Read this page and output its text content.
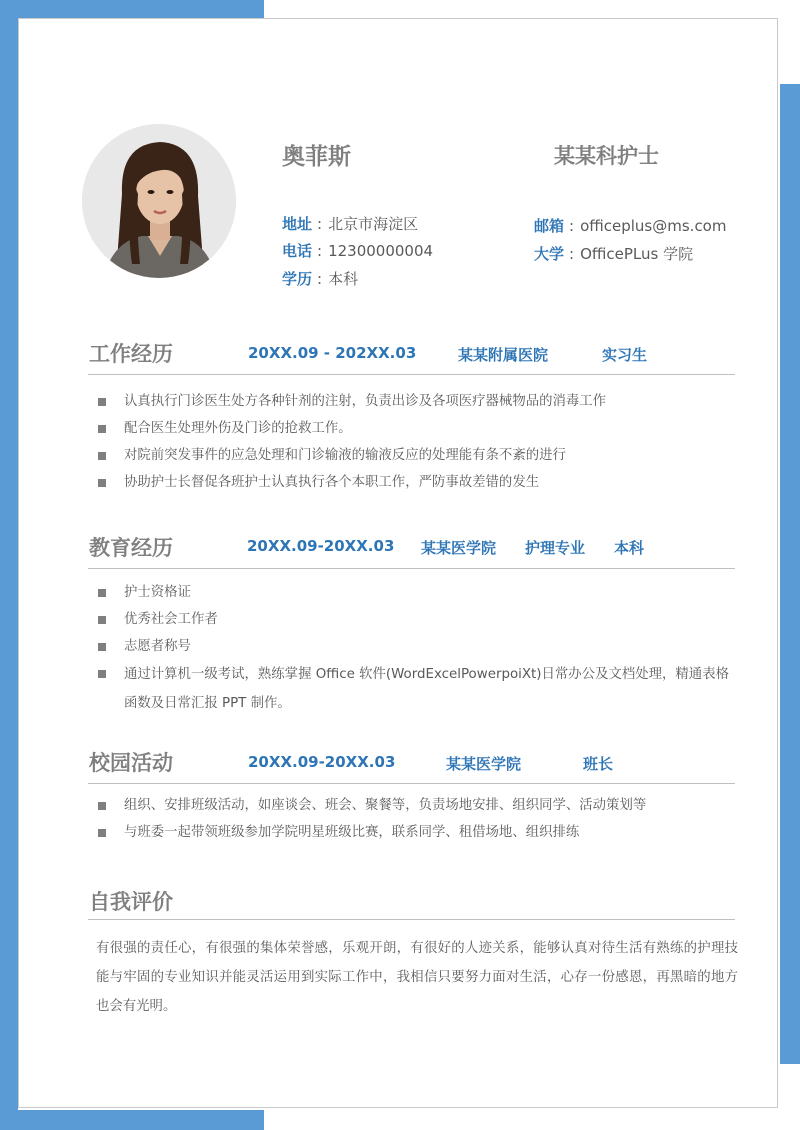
奥菲斯	某某科护士
地址 : 北京市海淀区
电话 : 12300000004
学历 : 本科
邮箱 : officeplus@ms.com
大学 : OfficePLus 学院
工作经历	20XX.09 - 202XX.03	某某附属医院	实习生
认真执行门诊医生处方各种针剂的注射，负责出诊及各项医疗器械物品的消毒工作
配合医生处理外伤及门诊的抢救工作。
对院前突发事件的应急处理和门诊输液的输液反应的处理能有条不紊的进行
协助护士长督促各班护士认真执行各个本职工作，严防事故差错的发生
教育经历	20XX.09-20XX.03 某某医学院 护理专业 本科
护士资格证
优秀社会工作者
志愿者称号
通过计算机一级考试，熟练掌握 Office 软件(WordExcelPowerpoiXt)日常办公及文档处理，精通表格函数及日常汇报 PPT 制作。
校园活动	20XX.09-20XX.03	某某医学院	班长
组织、安排班级活动，如座谈会、班会、聚餐等，负责场地安排、组织同学、活动策划等
与班委一起带领班级参加学院明星班级比赛，联系同学、租借场地、组织排练
自我评价
有很强的责任心，有很强的集体荣誉感，乐观开朗，有很好的人迹关系，能够认真对待生活有熟练的护理技能与牢固的专业知识并能灵活运用到实际工作中，我相信只要努力面对生活，心存一份感恩，再黑暗的地方也会有光明。
